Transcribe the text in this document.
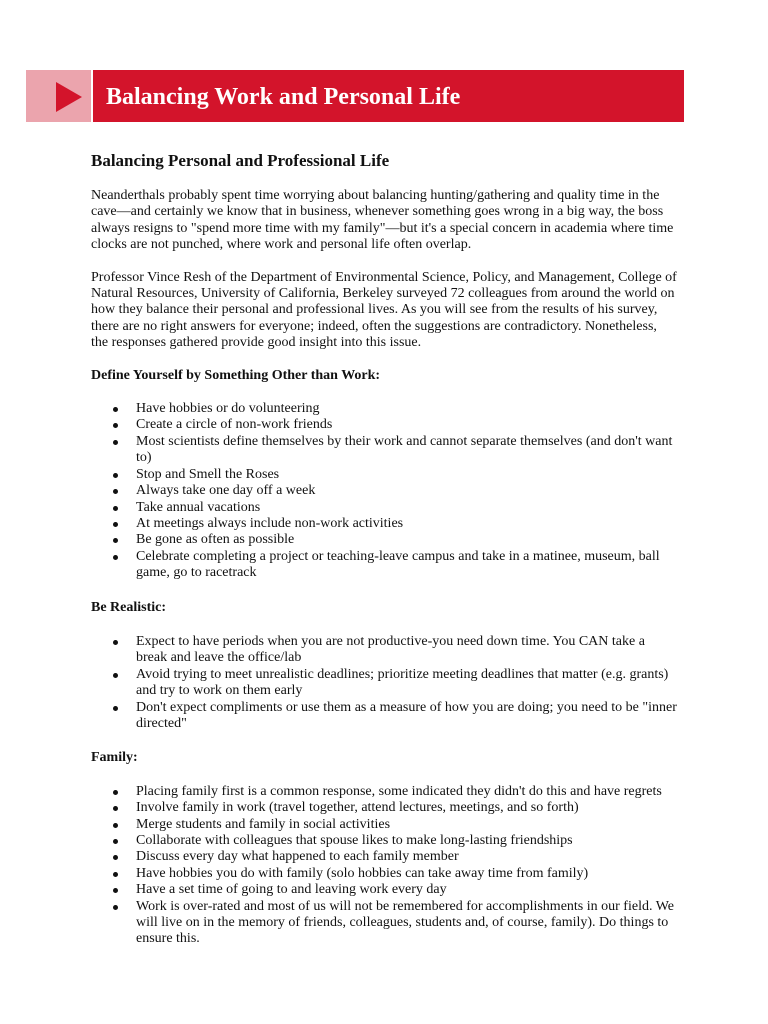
Balancing Work and Personal Life
Balancing Personal and Professional Life

Neanderthals probably spent time worrying about balancing hunting/gathering and quality time in the cave—and certainly we know that in business, whenever something goes wrong in a big way, the boss always resigns to "spend more time with my family"—but it's a special concern in academia where time clocks are not punched, where work and personal life often overlap.

Professor Vince Resh of the Department of Environmental Science, Policy, and Management, College of Natural Resources, University of California, Berkeley surveyed 72 colleagues from around the world on how they balance their personal and professional lives. As you will see from the results of his survey, there are no right answers for everyone; indeed, often the suggestions are contradictory. Nonetheless, the responses gathered provide good insight into this issue.

Define Yourself by Something Other than Work:
Have hobbies or do volunteering
Create a circle of non-work friends
Most scientists define themselves by their work and cannot separate themselves (and don't want to)
Stop and Smell the Roses
Always take one day off a week
Take annual vacations
At meetings always include non-work activities
Be gone as often as possible
Celebrate completing a project or teaching-leave campus and take in a matinee, museum, ball game, go to racetrack
Be Realistic:
Expect to have periods when you are not productive-you need down time. You CAN take a break and leave the office/lab
Avoid trying to meet unrealistic deadlines; prioritize meeting deadlines that matter (e.g. grants) and try to work on them early
Don't expect compliments or use them as a measure of how you are doing; you need to be "inner directed"
Family:
Placing family first is a common response, some indicated they didn't do this and have regrets
Involve family in work (travel together, attend lectures, meetings, and so forth)
Merge students and family in social activities
Collaborate with colleagues that spouse likes to make long-lasting friendships
Discuss every day what happened to each family member
Have hobbies you do with family (solo hobbies can take away time from family)
Have a set time of going to and leaving work every day
Work is over-rated and most of us will not be remembered for accomplishments in our field. We will live on in the memory of friends, colleagues, students and, of course, family). Do things to ensure this.
